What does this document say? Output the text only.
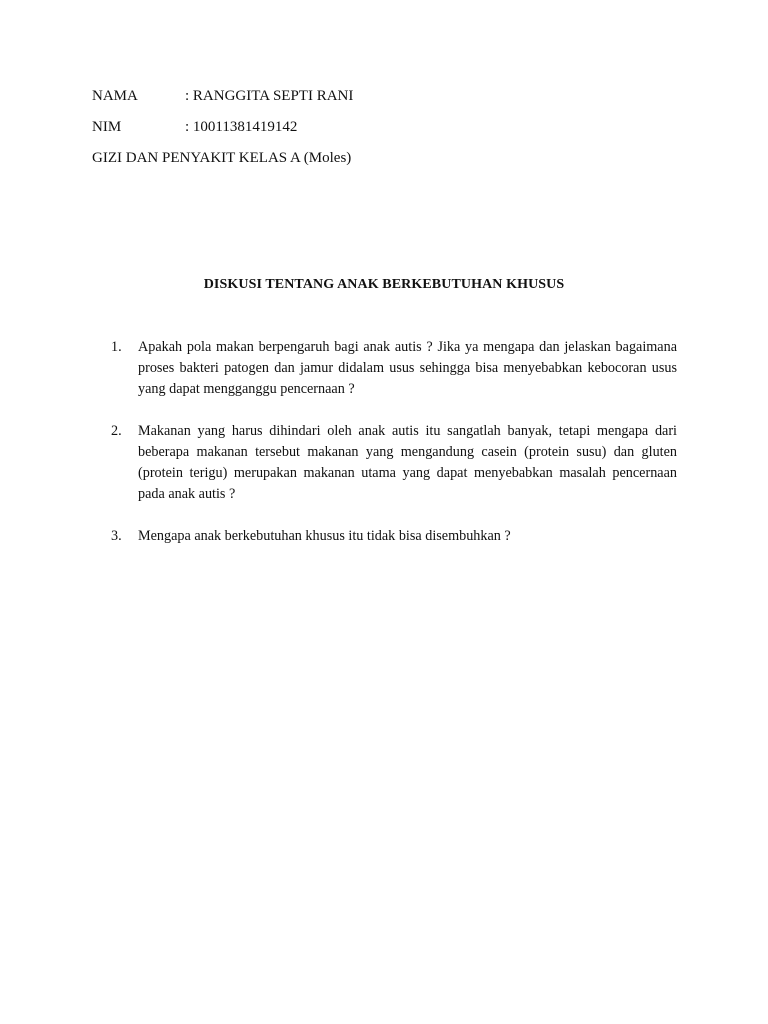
NAMA	: RANGGITA SEPTI RANI
NIM	: 10011381419142
GIZI DAN PENYAKIT KELAS A (Moles)
DISKUSI TENTANG ANAK BERKEBUTUHAN KHUSUS
1. Apakah pola makan berpengaruh bagi anak autis ? Jika ya mengapa dan jelaskan bagaimana proses bakteri patogen dan jamur didalam usus sehingga bisa menyebabkan kebocoran usus yang dapat mengganggu pencernaan ?
2. Makanan yang harus dihindari oleh anak autis itu sangatlah banyak, tetapi mengapa dari beberapa makanan tersebut makanan yang mengandung casein (protein susu) dan gluten (protein terigu) merupakan makanan utama yang dapat menyebabkan masalah pencernaan pada anak autis ?
3. Mengapa anak berkebutuhan khusus itu tidak bisa disembuhkan ?
